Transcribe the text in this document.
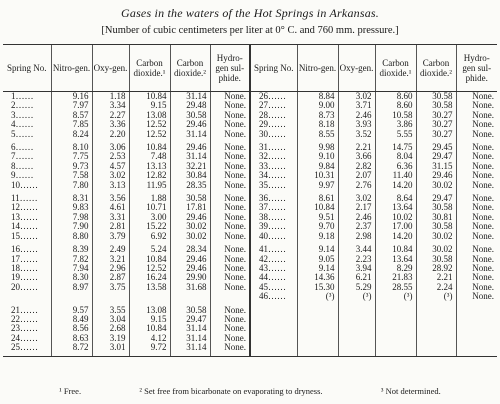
Gases in the waters of the Hot Springs in Arkansas.
[Number of cubic centimeters per liter at 0° C. and 760 mm. pressure.]
Spring No.	Nitro-gen.	Oxy-gen.	Carbon dioxide.¹	Carbon dioxide.²	Hydro-gen sul-phide.	Spring No.	Nitro-gen.	Oxy-gen.	Carbon dioxide.¹	Carbon dioxide.²	Hydro-gen sul-phide.
1……	9.16	1.18	10.84	31.14	None.	26……	8.84	3.02	8.60	30.58	None.
2……	7.97	3.34	9.15	29.48	None.	27……	9.00	3.71	8.60	30.58	None.
3……	8.57	2.27	13.08	30.58	None.	28……	8.73	2.46	10.58	30.27	None.
4……	7.85	3.36	12.52	29.46	None.	29……	8.18	3.93	3.86	30.27	None.
5……	8.24	2.20	12.52	31.14	None.	30……	8.55	3.52	5.55	30.27	None.
6……	8.10	3.06	10.84	29.46	None.	31……	9.98	2.21	14.75	29.45	None.
7……	7.75	2.53	7.48	31.14	None.	32……	9.10	3.66	8.04	29.47	None.
8……	9.73	4.57	13.13	32.21	None.	33……	9.84	2.82	6.36	31.15	None.
9……	7.58	3.02	12.82	30.84	None.	34……	10.31	2.07	11.40	29.46	None.
10……	7.80	3.13	11.95	28.35	None.	35……	9.97	2.76	14.20	30.02	None.
11……	8.31	3.56	1.88	30.58	None.	36……	8.61	3.02	8.64	29.47	None.
12……	9.83	4.61	10.71	17.81	None.	37……	10.84	2.17	13.64	30.58	None.
13……	7.98	3.31	3.00	29.46	None.	38……	9.51	2.46	10.02	30.81	None.
14……	7.90	2.81	15.22	30.02	None.	39……	9.70	2.37	17.00	30.58	None.
15……	8.80	3.79	6.92	30.02	None.	40……	9.18	2.98	14.20	30.02	None.
16……	8.39	2.49	5.24	28.34	None.	41……	9.14	3.44	10.84	30.02	None.
17……	7.82	3.21	10.84	29.46	None.	42……	9.05	2.23	13.64	30.58	None.
18……	7.94	2.96	12.52	29.46	None.	43……	9.14	3.94	8.29	28.92	None.
19……	8.30	2.87	16.24	29.90	None.	44……	14.36	6.21	21.83	2.21	None.
20……	8.97	3.75	13.58	31.68	None.	45……	15.30	5.29	28.55	2.24	None.
						46……	(³)	(³)	(³)	(³)	None.
21……	9.57	3.55	13.08	30.58	None.						
22……	8.49	3.04	9.15	29.47	None.						
23……	8.56	2.68	10.84	31.14	None.						
24……	8.63	3.19	4.12	31.14	None.						
25……	8.72	3.01	9.72	31.14	None.						
¹ Free.	² Set free from bicarbonate on evaporating to dryness.	³ Not determined.
